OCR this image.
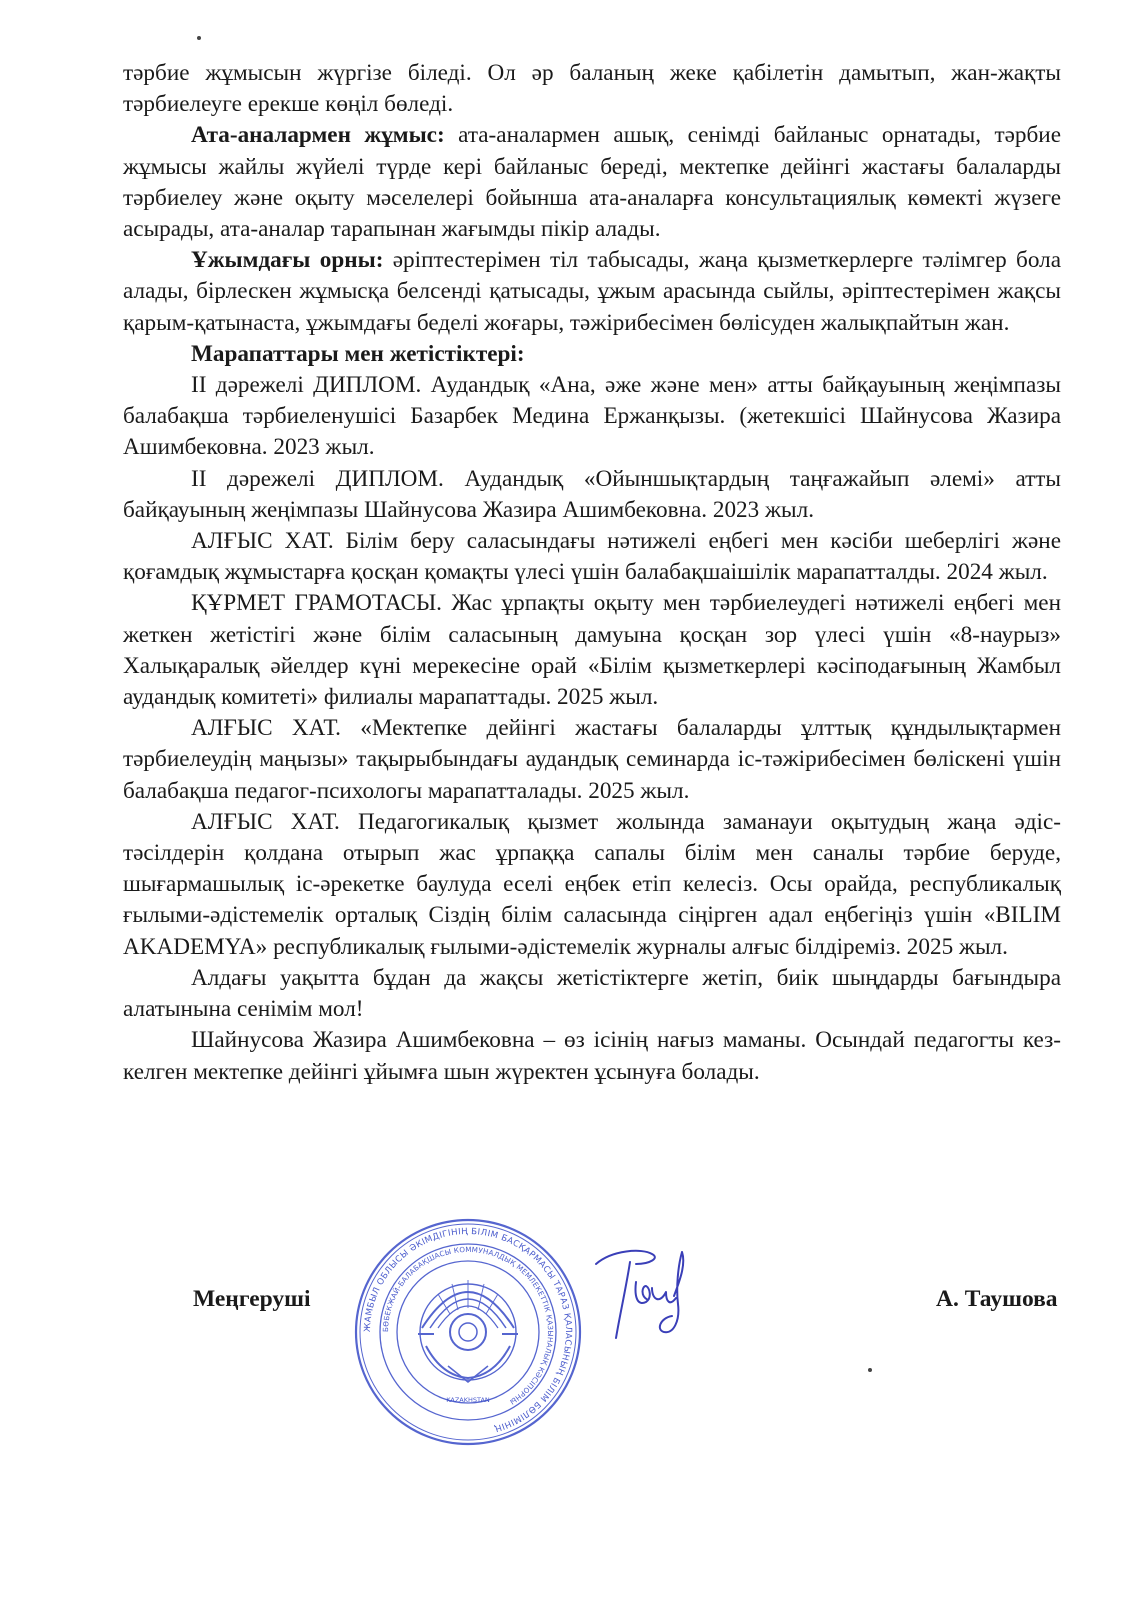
тәрбие жұмысын жүргізе біледі. Ол әр баланың жеке қабілетін дамытып, жан-жақты тәрбиелеуге ерекше көңіл бөледі.

Ата-аналармен жұмыс: ата-аналармен ашық, сенімді байланыс орнатады, тәрбие жұмысы жайлы жүйелі түрде кері байланыс береді, мектепке дейінгі жастағы балаларды тәрбиелеу және оқыту мәселелері бойынша ата-аналарға консультациялық көмекті жүзеге асырады, ата-аналар тарапынан жағымды пікір алады.

Ұжымдағы орны: әріптестерімен тіл табысады, жаңа қызметкерлерге тәлімгер бола алады, бірлескен жұмысқа белсенді қатысады, ұжым арасында сыйлы, әріптестерімен жақсы қарым-қатынаста, ұжымдағы беделі жоғары, тәжірибесімен бөлісуден жалықпайтын жан.

Марапаттары мен жетістіктері:

ІІ дәрежелі ДИПЛОМ. Аудандық «Ана, әже және мен» атты байқауының жеңімпазы балабақша тәрбиеленушісі Базарбек Медина Ержанқызы. (жетекшісі Шайнусова Жазира Ашимбековна. 2023 жыл.

ІІ дәрежелі ДИПЛОМ. Аудандық «Ойыншықтардың таңғажайып әлемі» атты байқауының жеңімпазы Шайнусова Жазира Ашимбековна. 2023 жыл.

АЛҒЫС ХАТ. Білім беру саласындағы нәтижелі еңбегі мен кәсіби шеберлігі және қоғамдық жұмыстарға қосқан қомақты үлесі үшін балабақшаішілік марапатталды. 2024 жыл.

ҚҰРМЕТ ГРАМОТАСЫ. Жас ұрпақты оқыту мен тәрбиелеудегі нәтижелі еңбегі мен жеткен жетістігі және білім саласының дамуына қосқан зор үлесі үшін «8-наурыз» Халықаралық әйелдер күні мерекесіне орай «Білім қызметкерлері кәсіподағының Жамбыл аудандық комитеті» филиалы марапаттады. 2025 жыл.

АЛҒЫС ХАТ. «Мектепке дейінгі жастағы балаларды ұлттық құндылықтармен тәрбиелеудің маңызы» тақырыбындағы аудандық семинарда іс-тәжірибесімен бөлiскені үшін балабақша педагог-психологы марапатталады. 2025 жыл.

АЛҒЫС ХАТ. Педагогикалық қызмет жолында заманауи оқытудың жаңа әдіс-тәсілдерін қолдана отырып жас ұрпаққа сапалы білім мен саналы тәрбие беруде, шығармашылық іс-әрекетке баулуда еселі еңбек етіп келесіз. Осы орайда, республикалық ғылыми-әдістемелік орталық Сіздің білім саласында сіңірген адал еңбегіңіз үшін «BILIM AKADEMYA» республикалық ғылыми-әдістемелік журналы алғыс білдіреміз. 2025 жыл.

Алдағы уақытта бұдан да жақсы жетістіктерге жетіп, биік шыңдарды бағындыра алатынына сенімім мол!

Шайнусова Жазира Ашимбековна – өз ісінің нағыз маманы. Осындай педагогты кез-келген мектепке дейінгі ұйымға шын жүректен ұсынуға болады.

Меңгеруші	А. Таушова
ЖАМБЫЛ ОБЛЫСЫ ӘКІМДІГІНІҢ БІЛІМ БАСҚАРМАСЫ ТАРАЗ ҚАЛАСЫНЫҢ БІЛІМ БӨЛІМІНІҢ
БӨБЕКЖАЙ-БАЛАБАҚШАСЫ КОММУНАЛДЫҚ МЕМЛЕКЕТТІК ҚАЗЫНАЛЫҚ КӘСІПОРНЫ
KAZAKHSTAN
